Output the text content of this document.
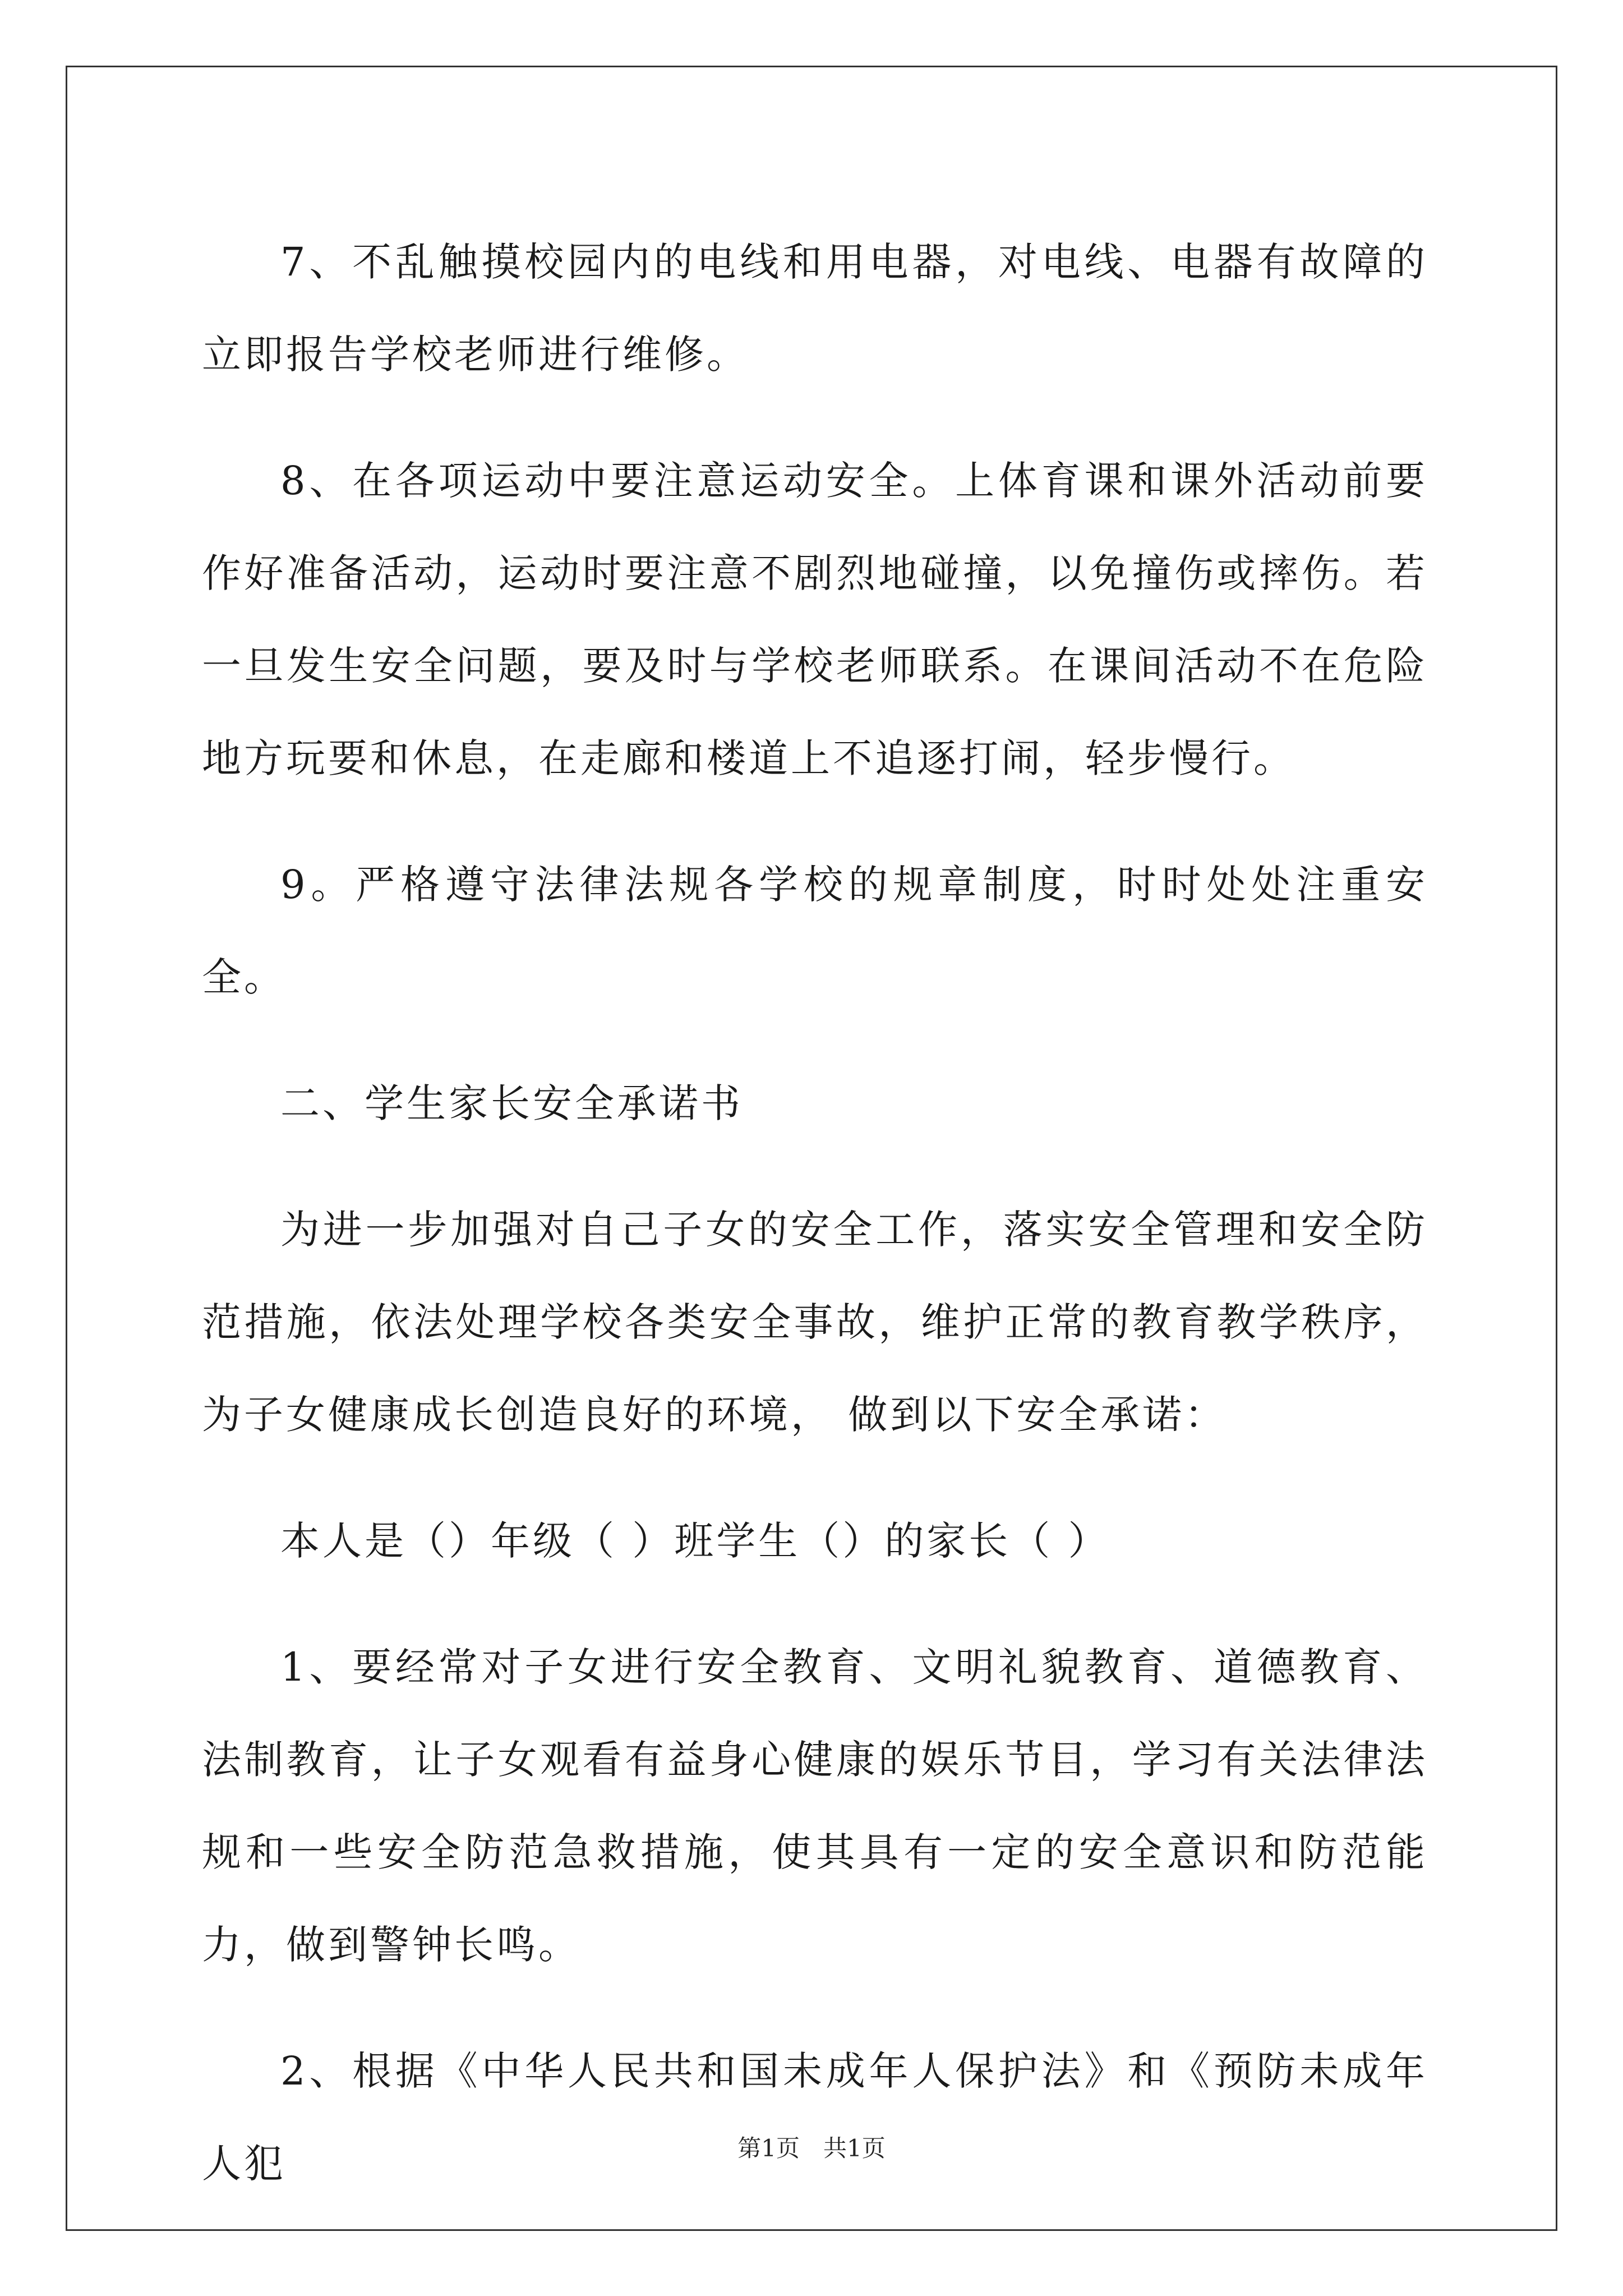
7、不乱触摸校园内的电线和用电器，对电线、电器有故障的立即报告学校老师进行维修。

8、在各项运动中要注意运动安全。上体育课和课外活动前要作好准备活动，运动时要注意不剧烈地碰撞，以免撞伤或摔伤。若一旦发生安全问题，要及时与学校老师联系。在课间活动不在危险地方玩要和休息，在走廊和楼道上不追逐打闹，轻步慢行。

9。严格遵守法律法规各学校的规章制度，时时处处注重安全。

二、学生家长安全承诺书

为进一步加强对自己子女的安全工作，落实安全管理和安全防范措施，依法处理学校各类安全事故，维护正常的教育教学秩序，为子女健康成长创造良好的环境， 做到以下安全承诺：

本人是（）年级（ ）班学生（）的家长（ ）

1、要经常对子女进行安全教育、文明礼貌教育、道德教育、法制教育，让子女观看有益身心健康的娱乐节目，学习有关法律法规和一些安全防范急救措施，使其具有一定的安全意识和防范能力，做到警钟长鸣。

2、根据《中华人民共和国未成年人保护法》和《预防未成年人犯	第1页　共1页
